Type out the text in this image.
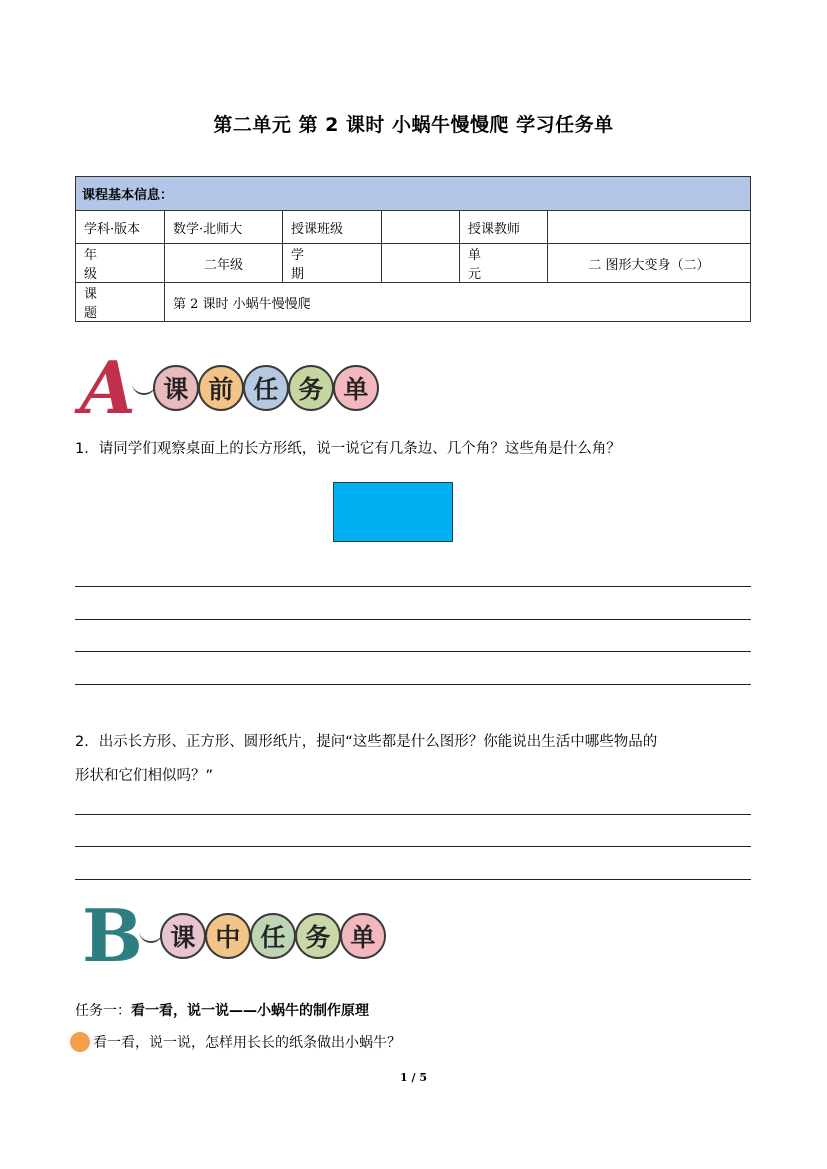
第二单元 第 2 课时 小蜗牛慢慢爬 学习任务单
课程基本信息：					
学科·版本	数学·北师大	授课班级		授课教师	

年级	二年级	学期		单元	二 图形大变身（二）
课题	第 2 课时 小蜗牛慢慢爬				
A	课 前 任 务 单
1．请同学们观察桌面上的长方形纸，说一说它有几条边、几个角？这些角是什么角？
2．出示长方形、正方形、圆形纸片，提问“这些都是什么图形？你能说出生活中哪些物品的
形状和它们相似吗？”
B	课 中 任 务 单
任务一：看一看，说一说——小蜗牛的制作原理
看一看，说一说，怎样用长长的纸条做出小蜗牛？
1 / 5
